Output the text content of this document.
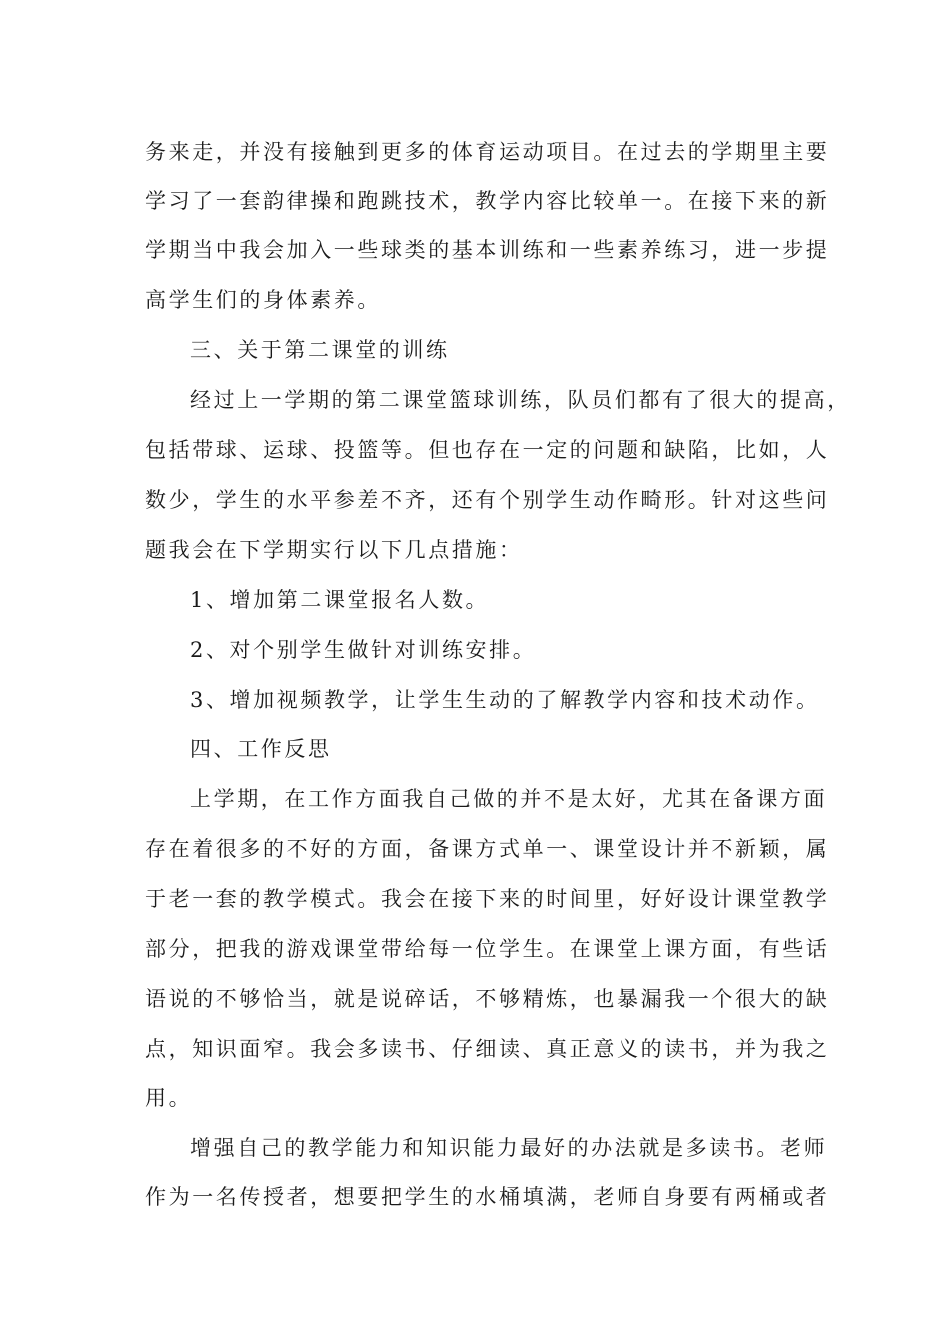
务来走，并没有接触到更多的体育运动项目。在过去的学期里主要
学习了一套韵律操和跑跳技术，教学内容比较单一。在接下来的新
学期当中我会加入一些球类的基本训练和一些素养练习，进一步提
高学生们的身体素养。
三、关于第二课堂的训练
经过上一学期的第二课堂篮球训练，队员们都有了很大的提高，
包括带球、运球、投篮等。但也存在一定的问题和缺陷，比如，人
数少，学生的水平参差不齐，还有个别学生动作畸形。针对这些问
题我会在下学期实行以下几点措施：
1、增加第二课堂报名人数。
2、对个别学生做针对训练安排。
3、增加视频教学，让学生生动的了解教学内容和技术动作。
四、工作反思
上学期，在工作方面我自己做的并不是太好，尤其在备课方面
存在着很多的不好的方面，备课方式单一、课堂设计并不新颖，属
于老一套的教学模式。我会在接下来的时间里，好好设计课堂教学
部分，把我的游戏课堂带给每一位学生。在课堂上课方面，有些话
语说的不够恰当，就是说碎话，不够精炼，也暴漏我一个很大的缺
点，知识面窄。我会多读书、仔细读、真正意义的读书，并为我之
用。
增强自己的教学能力和知识能力最好的办法就是多读书。老师
作为一名传授者，想要把学生的水桶填满，老师自身要有两桶或者
